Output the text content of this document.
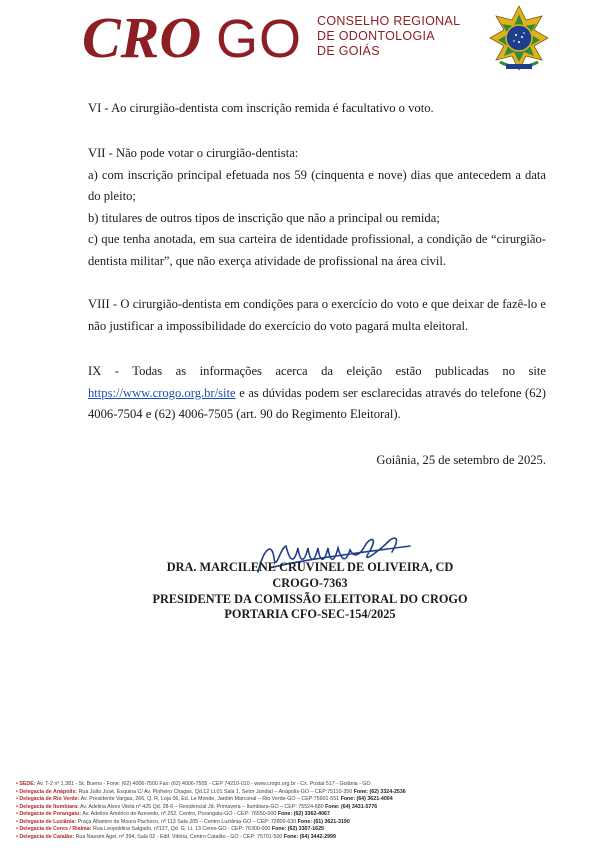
CRO GO CONSELHO REGIONAL
DE ODONTOLOGIA
DE GOIÁS

VI - Ao cirurgião-dentista com inscrição remida é facultativo o voto.

VII - Não pode votar o cirurgião-dentista:

a) com inscrição principal efetuada nos 59 (cinquenta e nove) dias que antecedem a data do pleito;

b) titulares de outros tipos de inscrição que não a principal ou remida;

c) que tenha anotada, em sua carteira de identidade profissional, a condição de “cirurgião-dentista militar”, que não exerça atividade de profissional na área civil.

VIII - O cirurgião-dentista em condições para o exercício do voto e que deixar de fazê-lo e não justificar a impossibilidade do exercício do voto pagará multa eleitoral.

IX - Todas as informações acerca da eleição estão publicadas no site https://www.crogo.org.br/site e as dúvidas podem ser esclarecidas através do telefone (62) 4006-7504 e (62) 4006-7505 (art. 90 do Regimento Eleitoral).

Goiânia, 25 de setembro de 2025.

DRA. MARCILENE CRUVINEL DE OLIVEIRA, CD
CROGO-7363
PRESIDENTE DA COMISSÃO ELEITORAL DO CROGO
PORTARIA CFO-SEC-154/2025
• SEDE: Av. T-2 nº 1.381 - St. Bueno - Fone: (62) 4006-7500 Fax: (62) 4006-7505 - CEP 74210-010 - www.crogo.org.br - Cx. Postal 517 - Goiânia - GO
• Delegacia de Anápolis: Rua João José, Esquina C/ Av. Pinheiro Chagas, Qd.12 Lt.01 Sala 1, Setor Jundiaí – Anápolis-GO – CEP:75110-350 Fone: (62) 3324-2536
• Delegacia de Rio Verde: Av. Presidente Vargas, 266, Q. R, Loja 06, Ed. Le Monde, Jardim Marconal – Rio Verde-GO – CEP:75901-551 Fone: (64) 3621-4004
• Delegacia de Itumbiara: Av. Adelina Alves Vilela nº 425 Qd. 28-6 – Residencial Jd. Primavera – Itumbiara-GO – CEP: 75524-680 Fone: (64) 3431-5776
• Delegacia de Porangatu: Av. Adelino Américo de Azevedo, nº 252, Centro, Porangatu-GO - CEP: 76550-000 Fone: (62) 3362-4067
• Delegacia de Luziânia: Praça Altamiro de Moura Pacheco, nº 113 Sala 205 – Centro Luziânia-GO – CEP: 72800-630 Fone: (61) 3621-3190
• Delegacia de Ceres / Rialma: Rua Leopoldina Salgado, nº127, Qd. G, Lt. 13 Ceres-GO - CEP: 76300-000 Fone: (62) 3307-1625
• Delegacia de Catalão: Rua Nassim Agel, nº 394, Sala 02 - Edif. Vitória, Centro Catalão - GO - CEP: 75701-500 Fone: (64) 3442-2999
